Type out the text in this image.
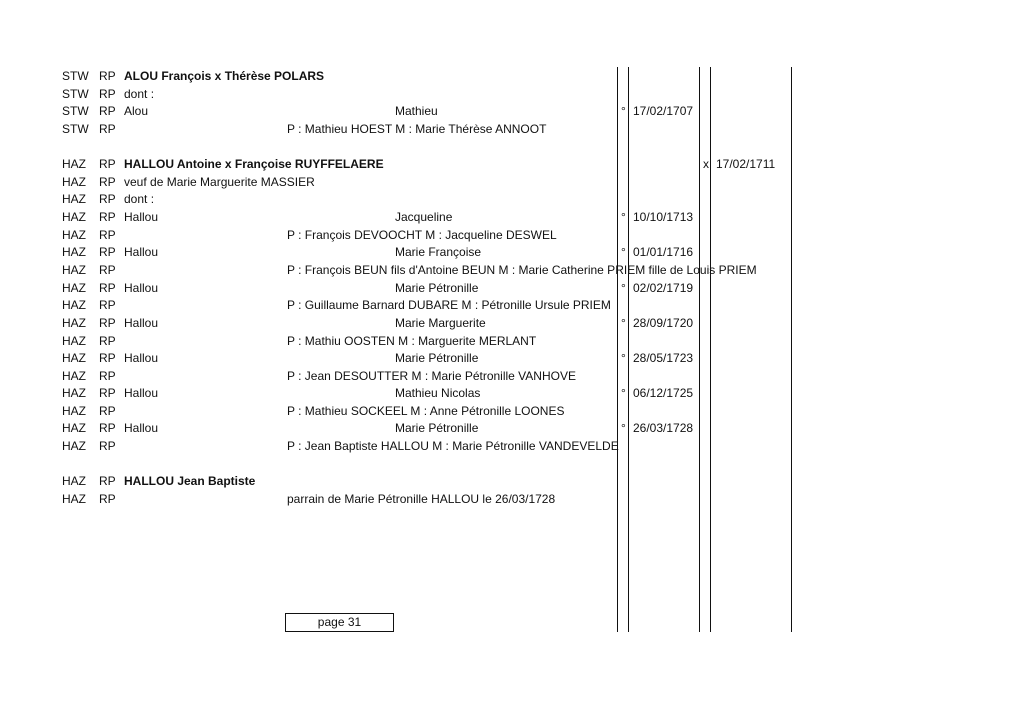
STW RP ALOU François x Thérèse POLARS
STW RP dont :
STW RP Alou	Mathieu	° 17/02/1707
STW RP	P : Mathieu HOEST M : Marie Thérèse ANNOOT
HAZ RP HALLOU Antoine x Françoise RUYFFELAERE	x 17/02/1711
HAZ RP veuf de Marie Marguerite MASSIER
HAZ RP dont :
HAZ RP Hallou	Jacqueline	° 10/10/1713
HAZ RP	P : François DEVOOCHT M : Jacqueline DESWEL
HAZ RP Hallou	Marie Françoise	° 01/01/1716
HAZ RP	P : François BEUN fils d'Antoine BEUN M : Marie Catherine PRIEM fille de Louis PRIEM
HAZ RP Hallou	Marie Pétronille	° 02/02/1719
HAZ RP	P : Guillaume Barnard DUBARE M : Pétronille Ursule PRIEM
HAZ RP Hallou	Marie Marguerite	° 28/09/1720
HAZ RP	P : Mathiu OOSTEN M : Marguerite MERLANT
HAZ RP Hallou	Marie Pétronille	° 28/05/1723
HAZ RP	P : Jean DESOUTTER M : Marie Pétronille VANHOVE
HAZ RP Hallou	Mathieu Nicolas	° 06/12/1725
HAZ RP	P : Mathieu SOCKEEL M : Anne Pétronille LOONES
HAZ RP Hallou	Marie Pétronille	° 26/03/1728
HAZ RP	P : Jean Baptiste HALLOU M : Marie Pétronille VANDEVELDE
HAZ RP HALLOU Jean Baptiste
HAZ RP	parrain de Marie Pétronille HALLOU le 26/03/1728
page 31
